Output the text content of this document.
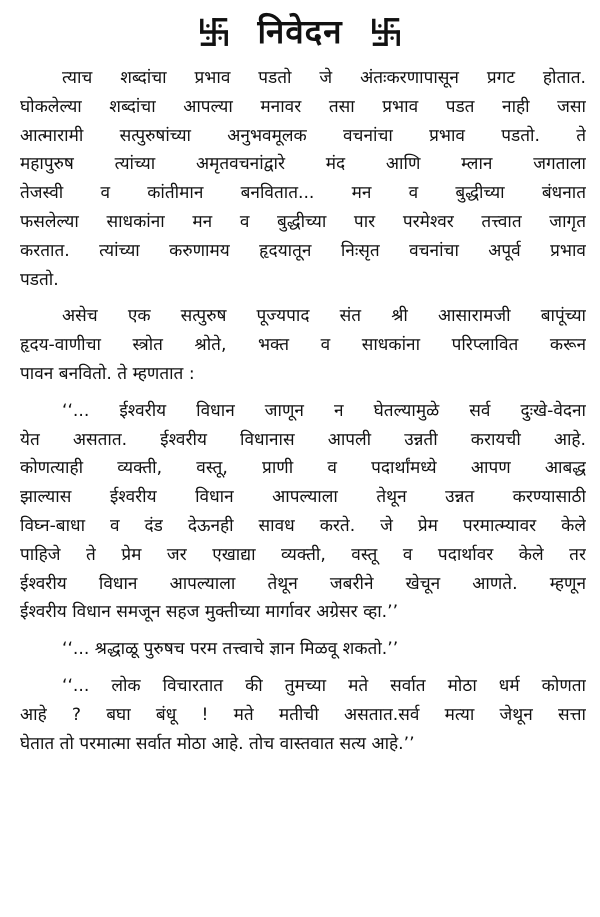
निवेदन
त्याच शब्दांचा प्रभाव पडतो जे अंतःकरणापासून प्रगट होतात.
घोकलेल्या शब्दांचा आपल्या मनावर तसा प्रभाव पडत नाही जसा
आत्मारामी सत्पुरुषांच्या अनुभवमूलक वचनांचा प्रभाव पडतो. ते
महापुरुष त्यांच्या अमृतवचनांद्वारे मंद आणि म्लान जगताला
तेजस्वी व कांतीमान बनवितात... मन व बुद्धीच्या बंधनात
फसलेल्या साधकांना मन व बुद्धीच्या पार परमेश्वर तत्त्वात जागृत
करतात. त्यांच्या करुणामय हृदयातून निःसृत वचनांचा अपूर्व प्रभाव
पडतो.
असेच एक सत्पुरुष पूज्यपाद संत श्री आसारामजी बापूंच्या
हृदय-वाणीचा स्त्रोत श्रोते, भक्त व साधकांना परिप्लावित करून
पावन बनवितो. ते म्हणतात :
‘‘... ईश्वरीय विधान जाणून न घेतल्यामुळे सर्व दुःखे-वेदना
येत असतात. ईश्वरीय विधानास आपली उन्नती करायची आहे.
कोणत्याही व्यक्ती, वस्तू, प्राणी व पदार्थांमध्ये आपण आबद्ध
झाल्यास ईश्वरीय विधान आपल्याला तेथून उन्नत करण्यासाठी
विघ्न-बाधा व दंड देऊनही सावध करते. जे प्रेम परमात्म्यावर केले
पाहिजे ते प्रेम जर एखाद्या व्यक्ती, वस्तू व पदार्थावर केले तर
ईश्वरीय विधान आपल्याला तेथून जबरीने खेचून आणते. म्हणून
ईश्वरीय विधान समजून सहज मुक्तीच्या मार्गावर अग्रेसर व्हा.’’
‘‘... श्रद्धाळू पुरुषच परम तत्त्वाचे ज्ञान मिळवू शकतो.’’
‘‘... लोक विचारतात की तुमच्या मते सर्वात मोठा धर्म कोणता
आहे ? बघा बंधू ! मते मतीची असतात.सर्व मत्या जेथून सत्ता
घेतात तो परमात्मा सर्वात मोठा आहे. तोच वास्तवात सत्य आहे.’’
